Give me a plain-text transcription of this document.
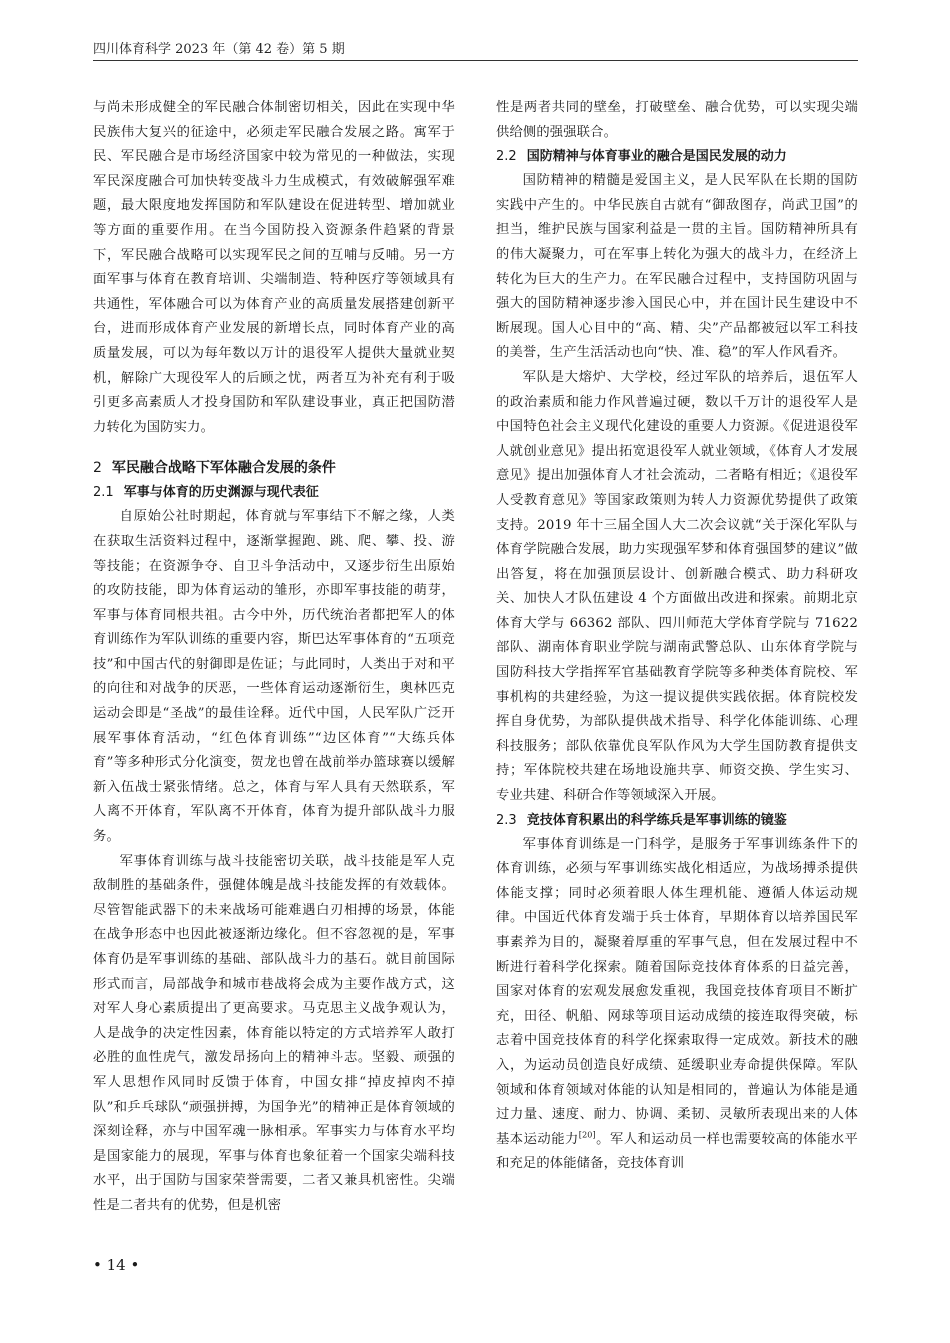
四川体育科学 2023 年（第 42 卷）第 5 期

与尚未形成健全的军民融合体制密切相关，因此在实现中华民族伟大复兴的征途中，必须走军民融合发展之路。寓军于民、军民融合是市场经济国家中较为常见的一种做法，实现军民深度融合可加快转变战斗力生成模式，有效破解强军难题，最大限度地发挥国防和军队建设在促进转型、增加就业等方面的重要作用。在当今国防投入资源条件趋紧的背景下，军民融合战略可以实现军民之间的互哺与反哺。另一方面军事与体育在教育培训、尖端制造、特种医疗等领域具有共通性，军体融合可以为体育产业的高质量发展搭建创新平台，进而形成体育产业发展的新增长点，同时体育产业的高质量发展，可以为每年数以万计的退役军人提供大量就业契机，解除广大现役军人的后顾之忧，两者互为补充有利于吸引更多高素质人才投身国防和军队建设事业，真正把国防潜力转化为国防实力。

2 军民融合战略下军体融合发展的条件

2.1 军事与体育的历史渊源与现代表征

自原始公社时期起，体育就与军事结下不解之缘，人类在获取生活资料过程中，逐渐掌握跑、跳、爬、攀、投、游等技能；在资源争夺、自卫斗争活动中，又逐步衍生出原始的攻防技能，即为体育运动的雏形，亦即军事技能的萌芽，军事与体育同根共祖。古今中外，历代统治者都把军人的体育训练作为军队训练的重要内容，斯巴达军事体育的“五项竞技”和中国古代的射御即是佐证；与此同时，人类出于对和平的向往和对战争的厌恶，一些体育运动逐渐衍生，奥林匹克运动会即是“圣战”的最佳诠释。近代中国，人民军队广泛开展军事体育活动，“红色体育训练”“边区体育”“大练兵体育”等多种形式分化演变，贺龙也曾在战前举办篮球赛以缓解新入伍战士紧张情绪。总之，体育与军人具有天然联系，军人离不开体育，军队离不开体育，体育为提升部队战斗力服务。

军事体育训练与战斗技能密切关联，战斗技能是军人克敌制胜的基础条件，强健体魄是战斗技能发挥的有效载体。尽管智能武器下的未来战场可能难遇白刃相搏的场景，体能在战争形态中也因此被逐渐边缘化。但不容忽视的是，军事体育仍是军事训练的基础、部队战斗力的基石。就目前国际形式而言，局部战争和城市巷战将会成为主要作战方式，这对军人身心素质提出了更高要求。马克思主义战争观认为，人是战争的决定性因素，体育能以特定的方式培养军人敢打必胜的血性虎气，激发昂扬向上的精神斗志。坚毅、顽强的军人思想作风同时反馈于体育，中国女排“掉皮掉肉不掉队”和乒乓球队“顽强拼搏，为国争光”的精神正是体育领域的深刻诠释，亦与中国军魂一脉相承。军事实力与体育水平均是国家能力的展现，军事与体育也象征着一个国家尖端科技水平，出于国防与国家荣誉需要，二者又兼具机密性。尖端性是二者共有的优势，但是机密

性是两者共同的壁垒，打破壁垒、融合优势，可以实现尖端供给侧的强强联合。

2.2 国防精神与体育事业的融合是国民发展的动力

国防精神的精髓是爱国主义，是人民军队在长期的国防实践中产生的。中华民族自古就有“御敌图存，尚武卫国”的担当，维护民族与国家利益是一贯的主旨。国防精神所具有的伟大凝聚力，可在军事上转化为强大的战斗力，在经济上转化为巨大的生产力。在军民融合过程中，支持国防巩固与强大的国防精神逐步渗入国民心中，并在国计民生建设中不断展现。国人心目中的“高、精、尖”产品都被冠以军工科技的美誉，生产生活活动也向“快、准、稳”的军人作风看齐。

军队是大熔炉、大学校，经过军队的培养后，退伍军人的政治素质和能力作风普遍过硬，数以千万计的退役军人是中国特色社会主义现代化建设的重要人力资源。《促进退役军人就创业意见》提出拓宽退役军人就业领域，《体育人才发展意见》提出加强体育人才社会流动，二者略有相近；《退役军人受教育意见》等国家政策则为转人力资源优势提供了政策支持。2019 年十三届全国人大二次会议就“关于深化军队与体育学院融合发展，助力实现强军梦和体育强国梦的建议”做出答复，将在加强顶层设计、创新融合模式、助力科研攻关、加快人才队伍建设 4 个方面做出改进和探索。前期北京体育大学与 66362 部队、四川师范大学体育学院与 71622 部队、湖南体育职业学院与湖南武警总队、山东体育学院与国防科技大学指挥军官基础教育学院等多种类体育院校、军事机构的共建经验，为这一提议提供实践依据。体育院校发挥自身优势，为部队提供战术指导、科学化体能训练、心理科技服务；部队依靠优良军队作风为大学生国防教育提供支持；军体院校共建在场地设施共享、师资交换、学生实习、专业共建、科研合作等领域深入开展。

2.3 竞技体育积累出的科学练兵是军事训练的镜鉴

军事体育训练是一门科学，是服务于军事训练条件下的体育训练，必须与军事训练实战化相适应，为战场搏杀提供体能支撑；同时必须着眼人体生理机能、遵循人体运动规律。中国近代体育发端于兵士体育，早期体育以培养国民军事素养为目的，凝聚着厚重的军事气息，但在发展过程中不断进行着科学化探索。随着国际竞技体育体系的日益完善，国家对体育的宏观发展愈发重视，我国竞技体育项目不断扩充，田径、帆船、网球等项目运动成绩的接连取得突破，标志着中国竞技体育的科学化探索取得一定成效。新技术的融入，为运动员创造良好成绩、延缓职业寿命提供保障。军队领域和体育领域对体能的认知是相同的，普遍认为体能是通过力量、速度、耐力、协调、柔韧、灵敏所表现出来的人体基本运动能力[20]。军人和运动员一样也需要较高的体能水平和充足的体能储备，竞技体育训

• 14 •
